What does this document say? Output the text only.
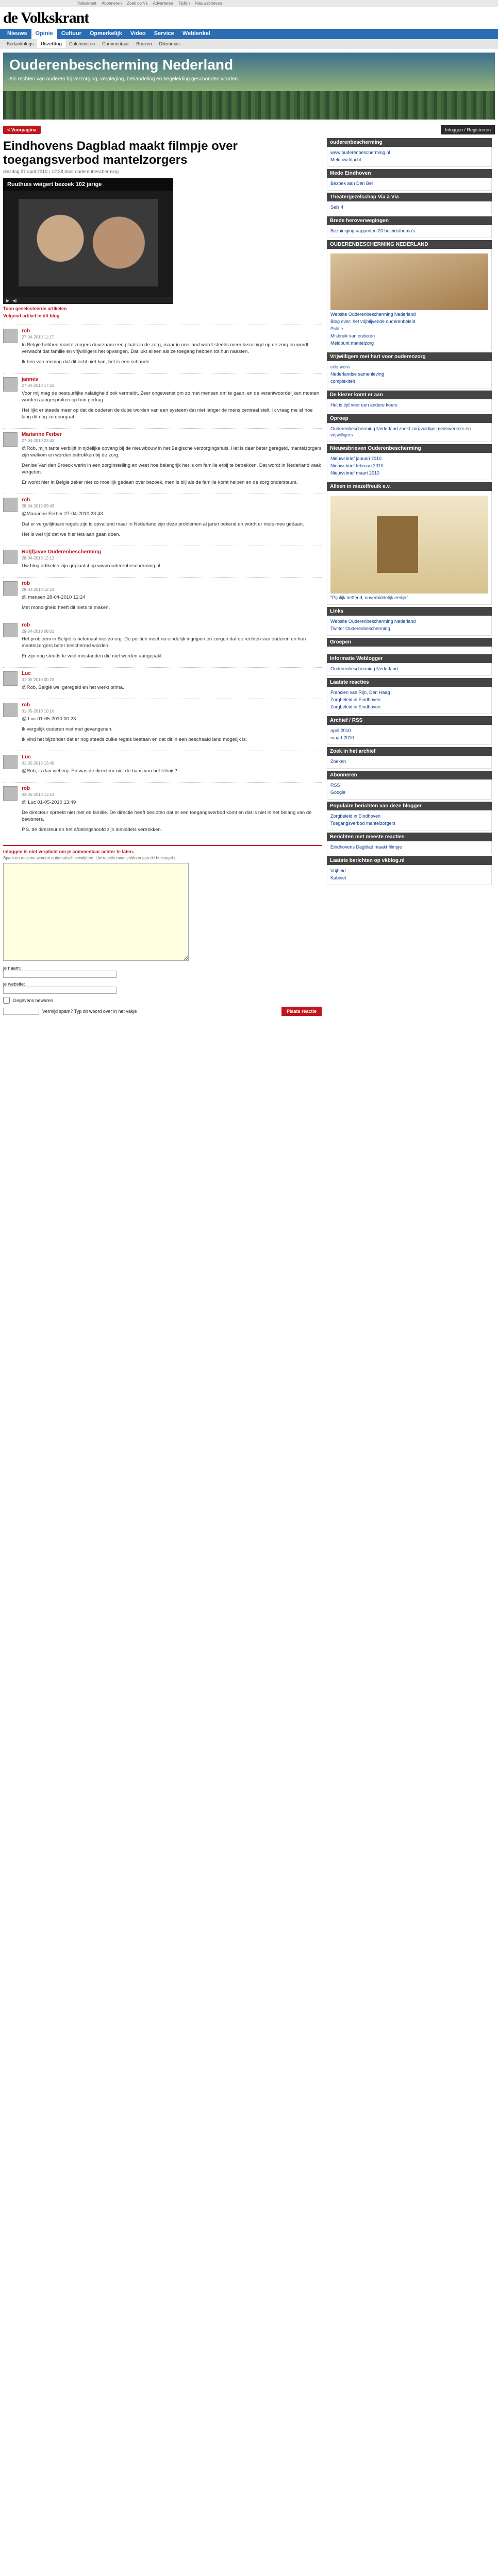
Volkskrant Abonneren Zoek op Vk Adverteren Tijdlijn Nieuwsbrieven
de Volkskrant
Nieuws	Opinie	Cultuur	Opmerkelijk	Video	Service	Weblenkel
Bedankblogs	Uitzetting	Columnisten	Commentaar	Brieven	Dilemmas
Ouderenbescherming Nederland

Als rechten van ouderen bij verzorging, verpleging, behandeling en begeleiding geschonden worden

< Voorpagina	Inloggen / Registreren
Eindhovens Dagblad maakt filmpje over toegangsverbod mantelzorgers
dinsdag 27 april 2010 ‹ 12:38 door ouderenbescherming
Ruuthuis weigert bezoek 102 jarige
▶ ◀)
Toon geselecteerde artikelen
Volgend artikel in dit blog
rob
27-04-2010 11:17

In België hebben mantelzorgers duurzaam een plaats in de zorg, maar in ons land wordt steeds meer bezuinigd op de zorg en wordt verwacht dat familie en vrijwilligers het opvangen. Dat lukt alleen als ze toegang hebben tot hun naasten.

Ik ben van mening dat dit echt niet kan, het is een schande.

jannes
27-04-2010 17:22

Voor mij mag de bestuurlijke nalatigheid ook vermeldt. Zeer ongewenst om zo met mensen om te gaan, en de verantwoordelijken moeten worden aangesproken op hun gedrag.

Het lijkt er steeds meer op dat de ouderen de dupe worden van een systeem dat niet langer de mens centraal stelt. Ik vraag me af hoe lang dit nog zo doorgaat.

Marianne Ferber
27-04-2010 23:43

@Rob, mijn tante verblijft in tijdelijke opvang bij de nieuwbouw in het Belgische verzorgingshuis. Het is daar beter geregeld, mantelzorgers zijn welkom en worden betrokken bij de zorg.

Denise Van den Broeck werkt in een zorginstelling en weet hoe belangrijk het is om familie erbij te betrekken. Dat wordt in Nederland vaak vergeten.

Er wordt hier in Belgie zeker niet zo moeilijk gedaan over bezoek, men is blij als de familie komt helpen en de zorg ondersteunt.

rob
28-04-2010 09:43

@Marianne Ferber 27-04-2010 23:43

Dat er vergelijkbare regels zijn is opvallend maar in Nederland zijn deze problemen al jaren bekend en wordt er niets mee gedaan.

Het is wel tijd dat we hier iets aan gaan doen.

Notjfjavve Ouderenbescherming
28-04-2010 12:12

Uw blog artikelen zijn geplaatst op www.ouderenbescherming.nl

rob
28-04-2010 12:24

@ mensen 28-04-2010 12:24

Met mondigheid heeft dit niets te maken.

rob
29-04-2010 08:01

Het probleem in België is helemaal niet zo erg. De politiek moet nu eindelijk ingrijpen en zorgen dat de rechten van ouderen en hun mantelzorgers beter beschermd worden.

Er zijn nog steeds te veel misstanden die niet worden aangepakt.

Luc
01-05-2010 00:23

@Rob, België wel geregeld en het werkt prima.

rob
01-05-2010 10:10

@ Luc 01-05-2010 00:23

Ik vergelijk ouderen niet met gevangenen.

Ik vind het bijzonder dat er nog steeds zulke regels bestaan en dat dit in een beschaafd land mogelijk is.

Luc
01-05-2010 13:49

@Rob, is dan wel erg. En was de directeur niet de baas van het tehuis?

rob
03-05-2010 11:14

@ Luc 01-05-2010 13:49

De directeur spreekt niet met de familie. De directie heeft besloten dat er een toegangsverbod komt en dat is niet in het belang van de bewoners.

P.S. de directeur en het afdelingshoofd zijn inmiddels vertrokken.

Inloggen is niet verplicht om je commentaar achter te laten.
Spam en reclame worden automatisch verwijderd. Uw reactie moet voldoen aan de huisregels.
je naam:
je website:
Gegevens bewaren
Vermijd spam? Typ dit woord over in het vakje	Plaats reactie
ouderenbescherming
www.ouderenbescherming.nl
Meld uw klacht
Mede Eindhoven
Bezoek aan Den Bel
Theatergezelschap Via à Via
Seis 4
Brede heroverwegingen
Bezuinigingsrapporten 20 beleidsthema's
OUDERENBESCHERMING NEDERLAND
Website Ouderenbescherming Nederland
Blog over: het vrijblijvende ouderenbeleid
Politie
Misbruik van ouderen
Meldpunt mantelzorg
Vrijwilligers met hart voor ouderenzorg
ede wens
Nederlandse samenleving
complexiteit
De kiezer komt er aan
Het is tijd voor een andere koers
Oproep
Ouderenbescherming Nederland zoekt zorgvuldige medewerkers en vrijwilligers
Nieuwsbrieven Ouderenbescherming
Nieuwsbrief januari 2010
Nieuwsbrief februari 2010
Nieuwsbrief maart 2010
Alleen in mezelfreuik e.v.
"Pijnlijk treffend, onverbiddelijk eerlijk"
Links
Website Ouderenbescherming Nederland
Twitter Ouderenbescherming
Groepen
Informatie Weblogger
Ouderenbescherming Nederland
Laatste reacties
Francien van Rijn, Den Haag
Zorgbeleid in Eindhoven
Zorgbeleid in Eindhoven
Archief / RSS
april 2010
maart 2010
Zoek in het archief
Zoeken
Abonneren
RSS
Google
Populaire berichten van deze blogger
Zorgbeleid in Eindhoven
Toegangsverbod mantelzorgers
Berichten met meeste reacties
Eindhovens Dagblad maakt filmpje
Laatste berichten op vkblog.nl
Vrijheid
Kabinet
